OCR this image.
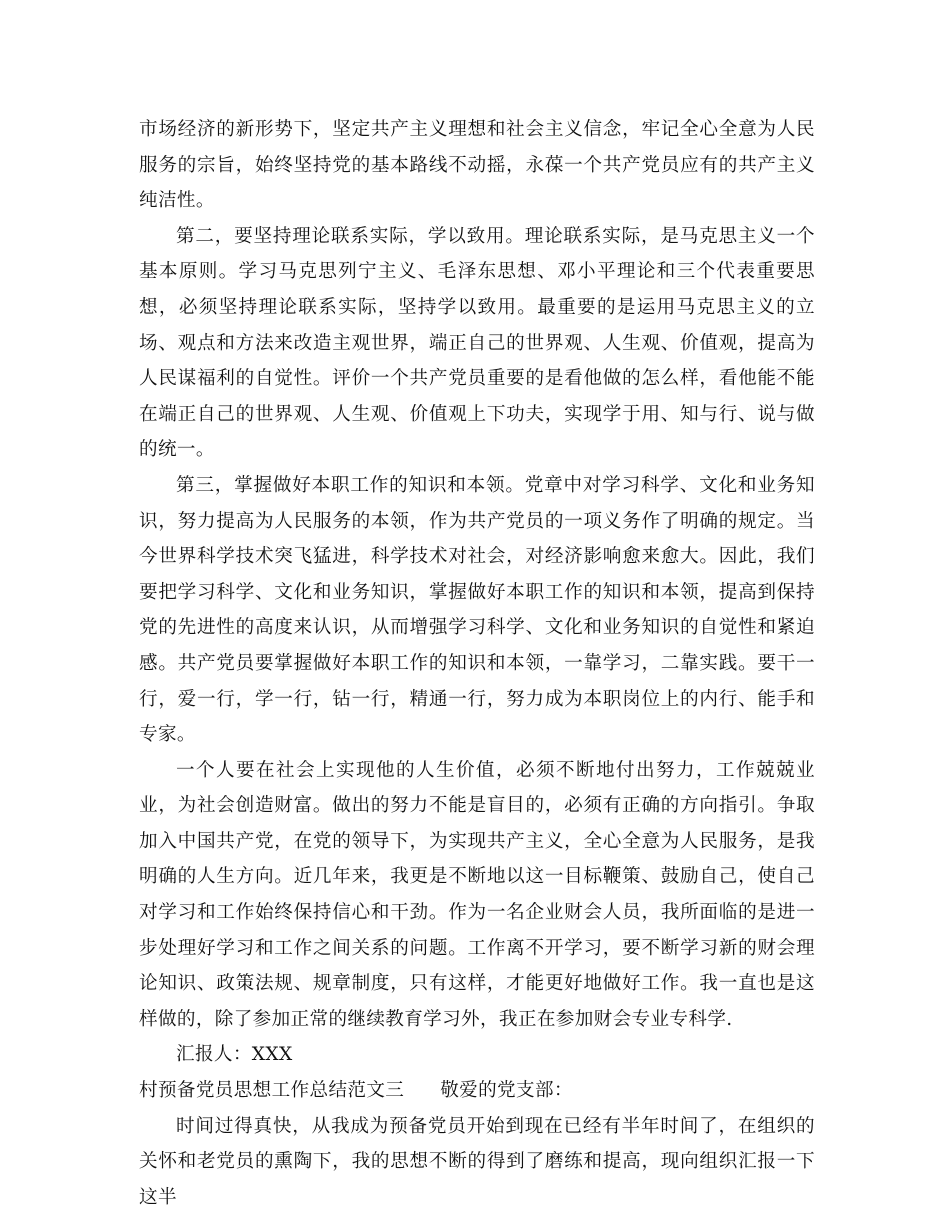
市场经济的新形势下，坚定共产主义理想和社会主义信念，牢记全心全意为人民服务的宗旨，始终坚持党的基本路线不动摇，永葆一个共产党员应有的共产主义纯洁性。

第二，要坚持理论联系实际，学以致用。理论联系实际，是马克思主义一个基本原则。学习马克思列宁主义、毛泽东思想、邓小平理论和三个代表重要思想，必须坚持理论联系实际，坚持学以致用。最重要的是运用马克思主义的立场、观点和方法来改造主观世界，端正自己的世界观、人生观、价值观，提高为人民谋福利的自觉性。评价一个共产党员重要的是看他做的怎么样，看他能不能在端正自己的世界观、人生观、价值观上下功夫，实现学于用、知与行、说与做的统一。

第三，掌握做好本职工作的知识和本领。党章中对学习科学、文化和业务知识，努力提高为人民服务的本领，作为共产党员的一项义务作了明确的规定。当今世界科学技术突飞猛进，科学技术对社会，对经济影响愈来愈大。因此，我们要把学习科学、文化和业务知识，掌握做好本职工作的知识和本领，提高到保持党的先进性的高度来认识，从而增强学习科学、文化和业务知识的自觉性和紧迫感。共产党员要掌握做好本职工作的知识和本领，一靠学习，二靠实践。要干一行，爱一行，学一行，钻一行，精通一行，努力成为本职岗位上的内行、能手和专家。

一个人要在社会上实现他的人生价值，必须不断地付出努力，工作兢兢业业，为社会创造财富。做出的努力不能是盲目的，必须有正确的方向指引。争取加入中国共产党，在党的领导下，为实现共产主义，全心全意为人民服务，是我明确的人生方向。近几年来，我更是不断地以这一目标鞭策、鼓励自己，使自己对学习和工作始终保持信心和干劲。作为一名企业财会人员，我所面临的是进一步处理好学习和工作之间关系的问题。工作离不开学习，要不断学习新的财会理论知识、政策法规、规章制度，只有这样，才能更好地做好工作。我一直也是这样做的，除了参加正常的继续教育学习外，我正在参加财会专业专科学.

汇报人：XXX

村预备党员思想工作总结范文三 敬爱的党支部：

时间过得真快，从我成为预备党员开始到现在已经有半年时间了，在组织的关怀和老党员的熏陶下，我的思想不断的得到了磨练和提高，现向组织汇报一下这半
